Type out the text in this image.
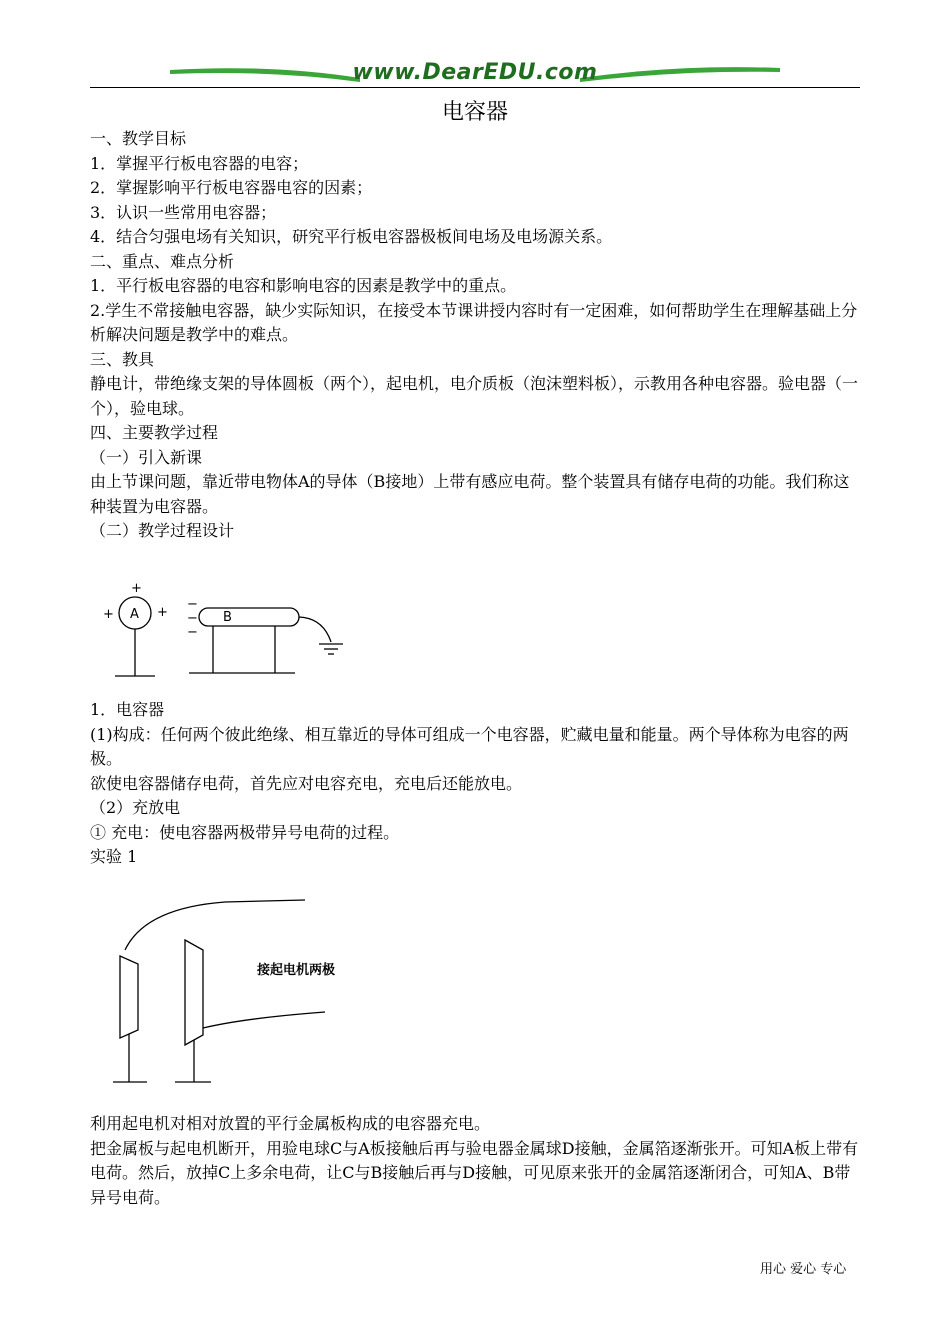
www.DearEDU.com
电容器

一、教学目标

1．掌握平行板电容器的电容；

2．掌握影响平行板电容器电容的因素；

3．认识一些常用电容器；

4．结合匀强电场有关知识，研究平行板电容器极板间电场及电场源关系。

二、重点、难点分析

1．平行板电容器的电容和影响电容的因素是教学中的重点。

2.学生不常接触电容器，缺少实际知识，在接受本节课讲授内容时有一定困难，如何帮助学生在理解基础上分析解决问题是教学中的难点。

三、教具

静电计，带绝缘支架的导体圆板（两个），起电机，电介质板（泡沫塑料板），示教用各种电容器。验电器（一个），验电球。

四、主要教学过程

（一）引入新课

由上节课问题，靠近带电物体A的导体（B接地）上带有感应电荷。整个装置具有储存电荷的功能。我们称这种装置为电容器。

（二）教学过程设计

A
+
+	+	B
−
−
−

1．电容器

(1)构成：任何两个彼此绝缘、相互靠近的导体可组成一个电容器，贮藏电量和能量。两个导体称为电容的两极。

欲使电容器储存电荷，首先应对电容充电，充电后还能放电。

（2）充放电

① 充电：使电容器两极带异号电荷的过程。

实验 1

接起电机两极

利用起电机对相对放置的平行金属板构成的电容器充电。

把金属板与起电机断开，用验电球C与A板接触后再与验电器金属球D接触，金属箔逐渐张开。可知A板上带有电荷。然后，放掉C上多余电荷，让C与B接触后再与D接触，可见原来张开的金属箔逐渐闭合，可知A、B带异号电荷。

用心 爱心 专心
